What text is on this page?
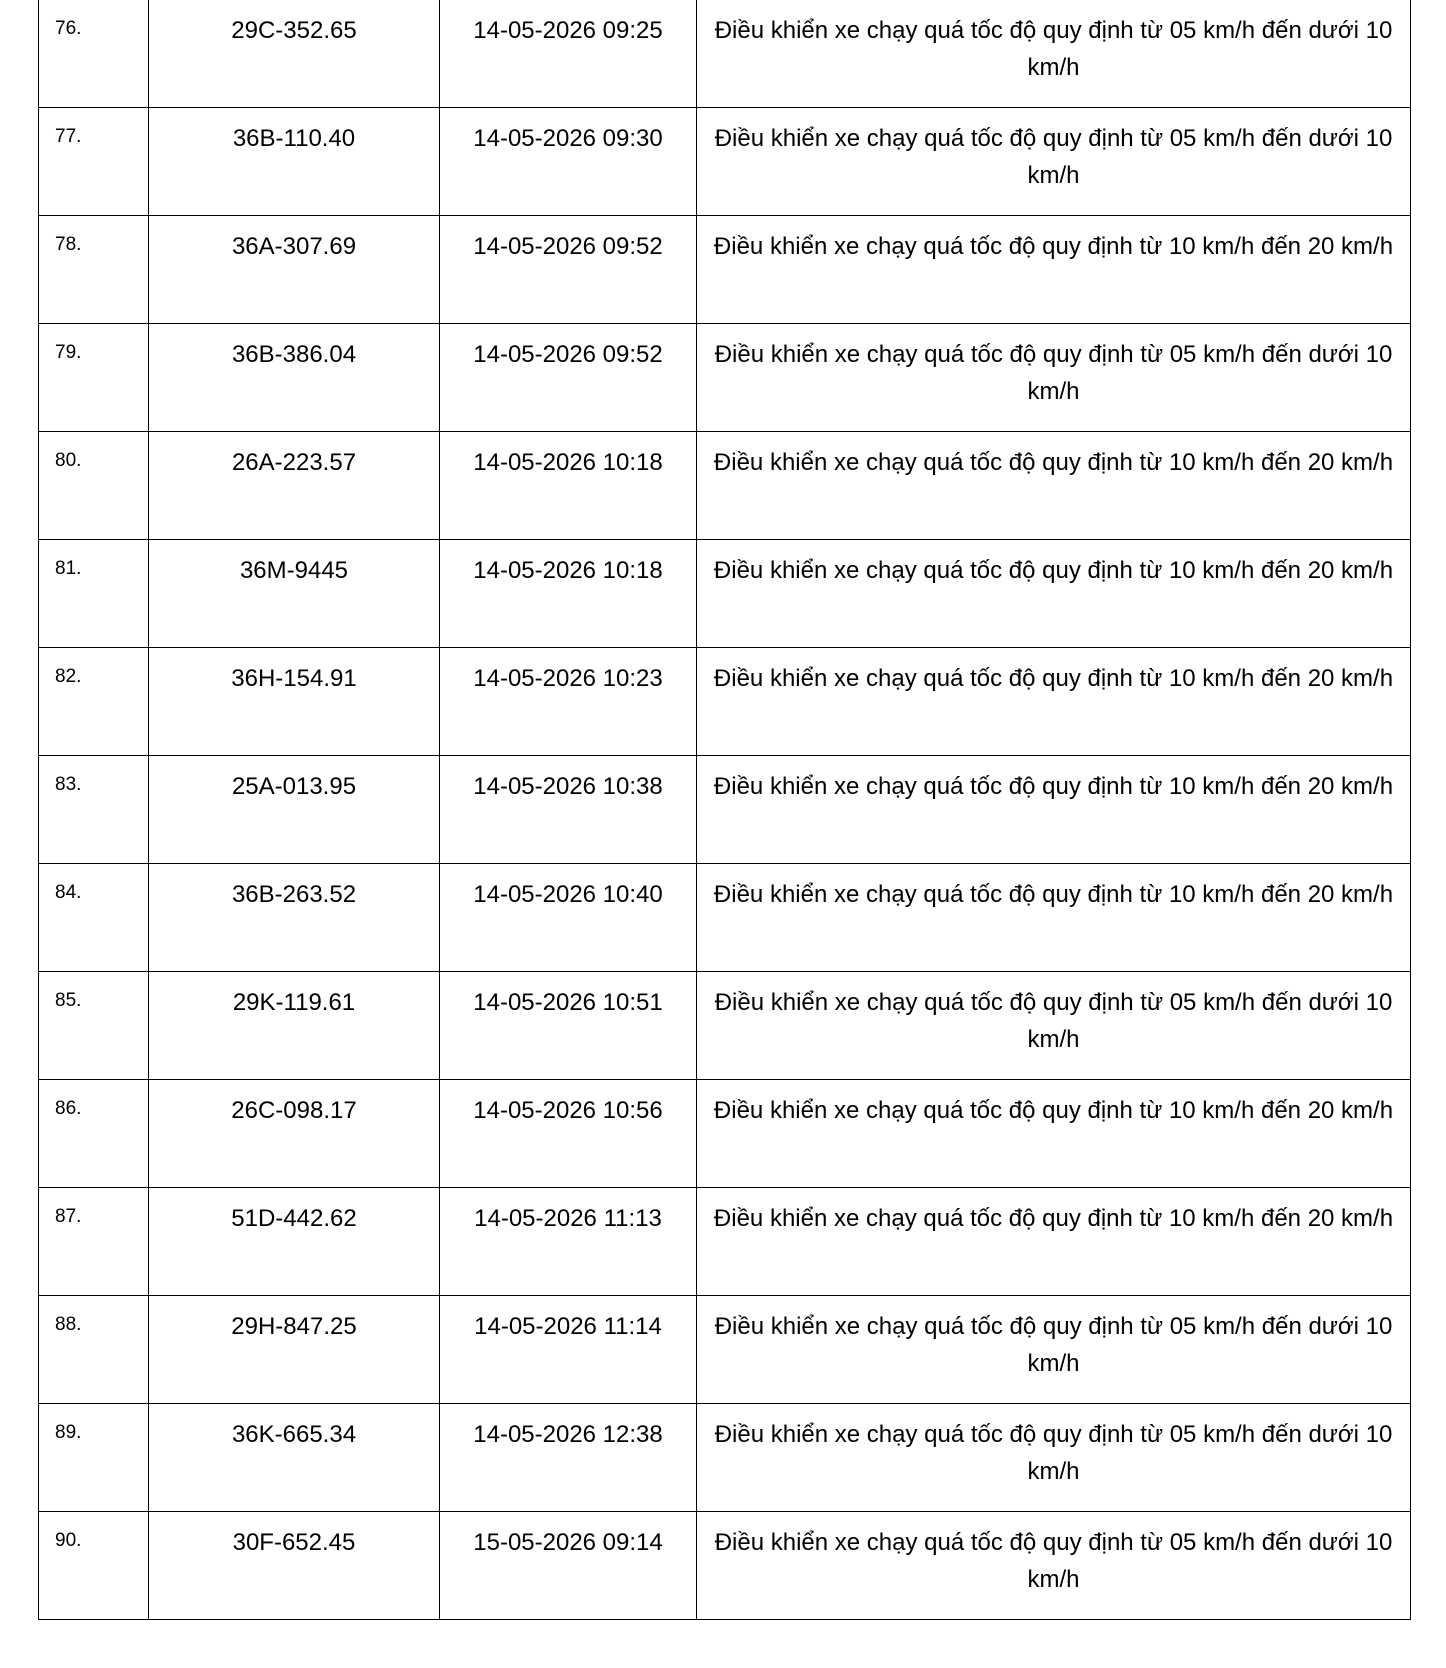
76.	29C-352.65	14-05-2026 09:25	Điều khiển xe chạy quá tốc độ quy định từ 05 km/h đến dưới 10 km/h
77.	36B-110.40	14-05-2026 09:30	Điều khiển xe chạy quá tốc độ quy định từ 05 km/h đến dưới 10 km/h
78.	36A-307.69	14-05-2026 09:52	Điều khiển xe chạy quá tốc độ quy định từ 10 km/h đến 20 km/h
79.	36B-386.04	14-05-2026 09:52	Điều khiển xe chạy quá tốc độ quy định từ 05 km/h đến dưới 10 km/h
80.	26A-223.57	14-05-2026 10:18	Điều khiển xe chạy quá tốc độ quy định từ 10 km/h đến 20 km/h
81.	36M-9445	14-05-2026 10:18	Điều khiển xe chạy quá tốc độ quy định từ 10 km/h đến 20 km/h
82.	36H-154.91	14-05-2026 10:23	Điều khiển xe chạy quá tốc độ quy định từ 10 km/h đến 20 km/h
83.	25A-013.95	14-05-2026 10:38	Điều khiển xe chạy quá tốc độ quy định từ 10 km/h đến 20 km/h
84.	36B-263.52	14-05-2026 10:40	Điều khiển xe chạy quá tốc độ quy định từ 10 km/h đến 20 km/h
85.	29K-119.61	14-05-2026 10:51	Điều khiển xe chạy quá tốc độ quy định từ 05 km/h đến dưới 10 km/h
86.	26C-098.17	14-05-2026 10:56	Điều khiển xe chạy quá tốc độ quy định từ 10 km/h đến 20 km/h
87.	51D-442.62	14-05-2026 11:13	Điều khiển xe chạy quá tốc độ quy định từ 10 km/h đến 20 km/h
88.	29H-847.25	14-05-2026 11:14	Điều khiển xe chạy quá tốc độ quy định từ 05 km/h đến dưới 10 km/h
89.	36K-665.34	14-05-2026 12:38	Điều khiển xe chạy quá tốc độ quy định từ 05 km/h đến dưới 10 km/h
90.	30F-652.45	15-05-2026 09:14	Điều khiển xe chạy quá tốc độ quy định từ 05 km/h đến dưới 10 km/h
